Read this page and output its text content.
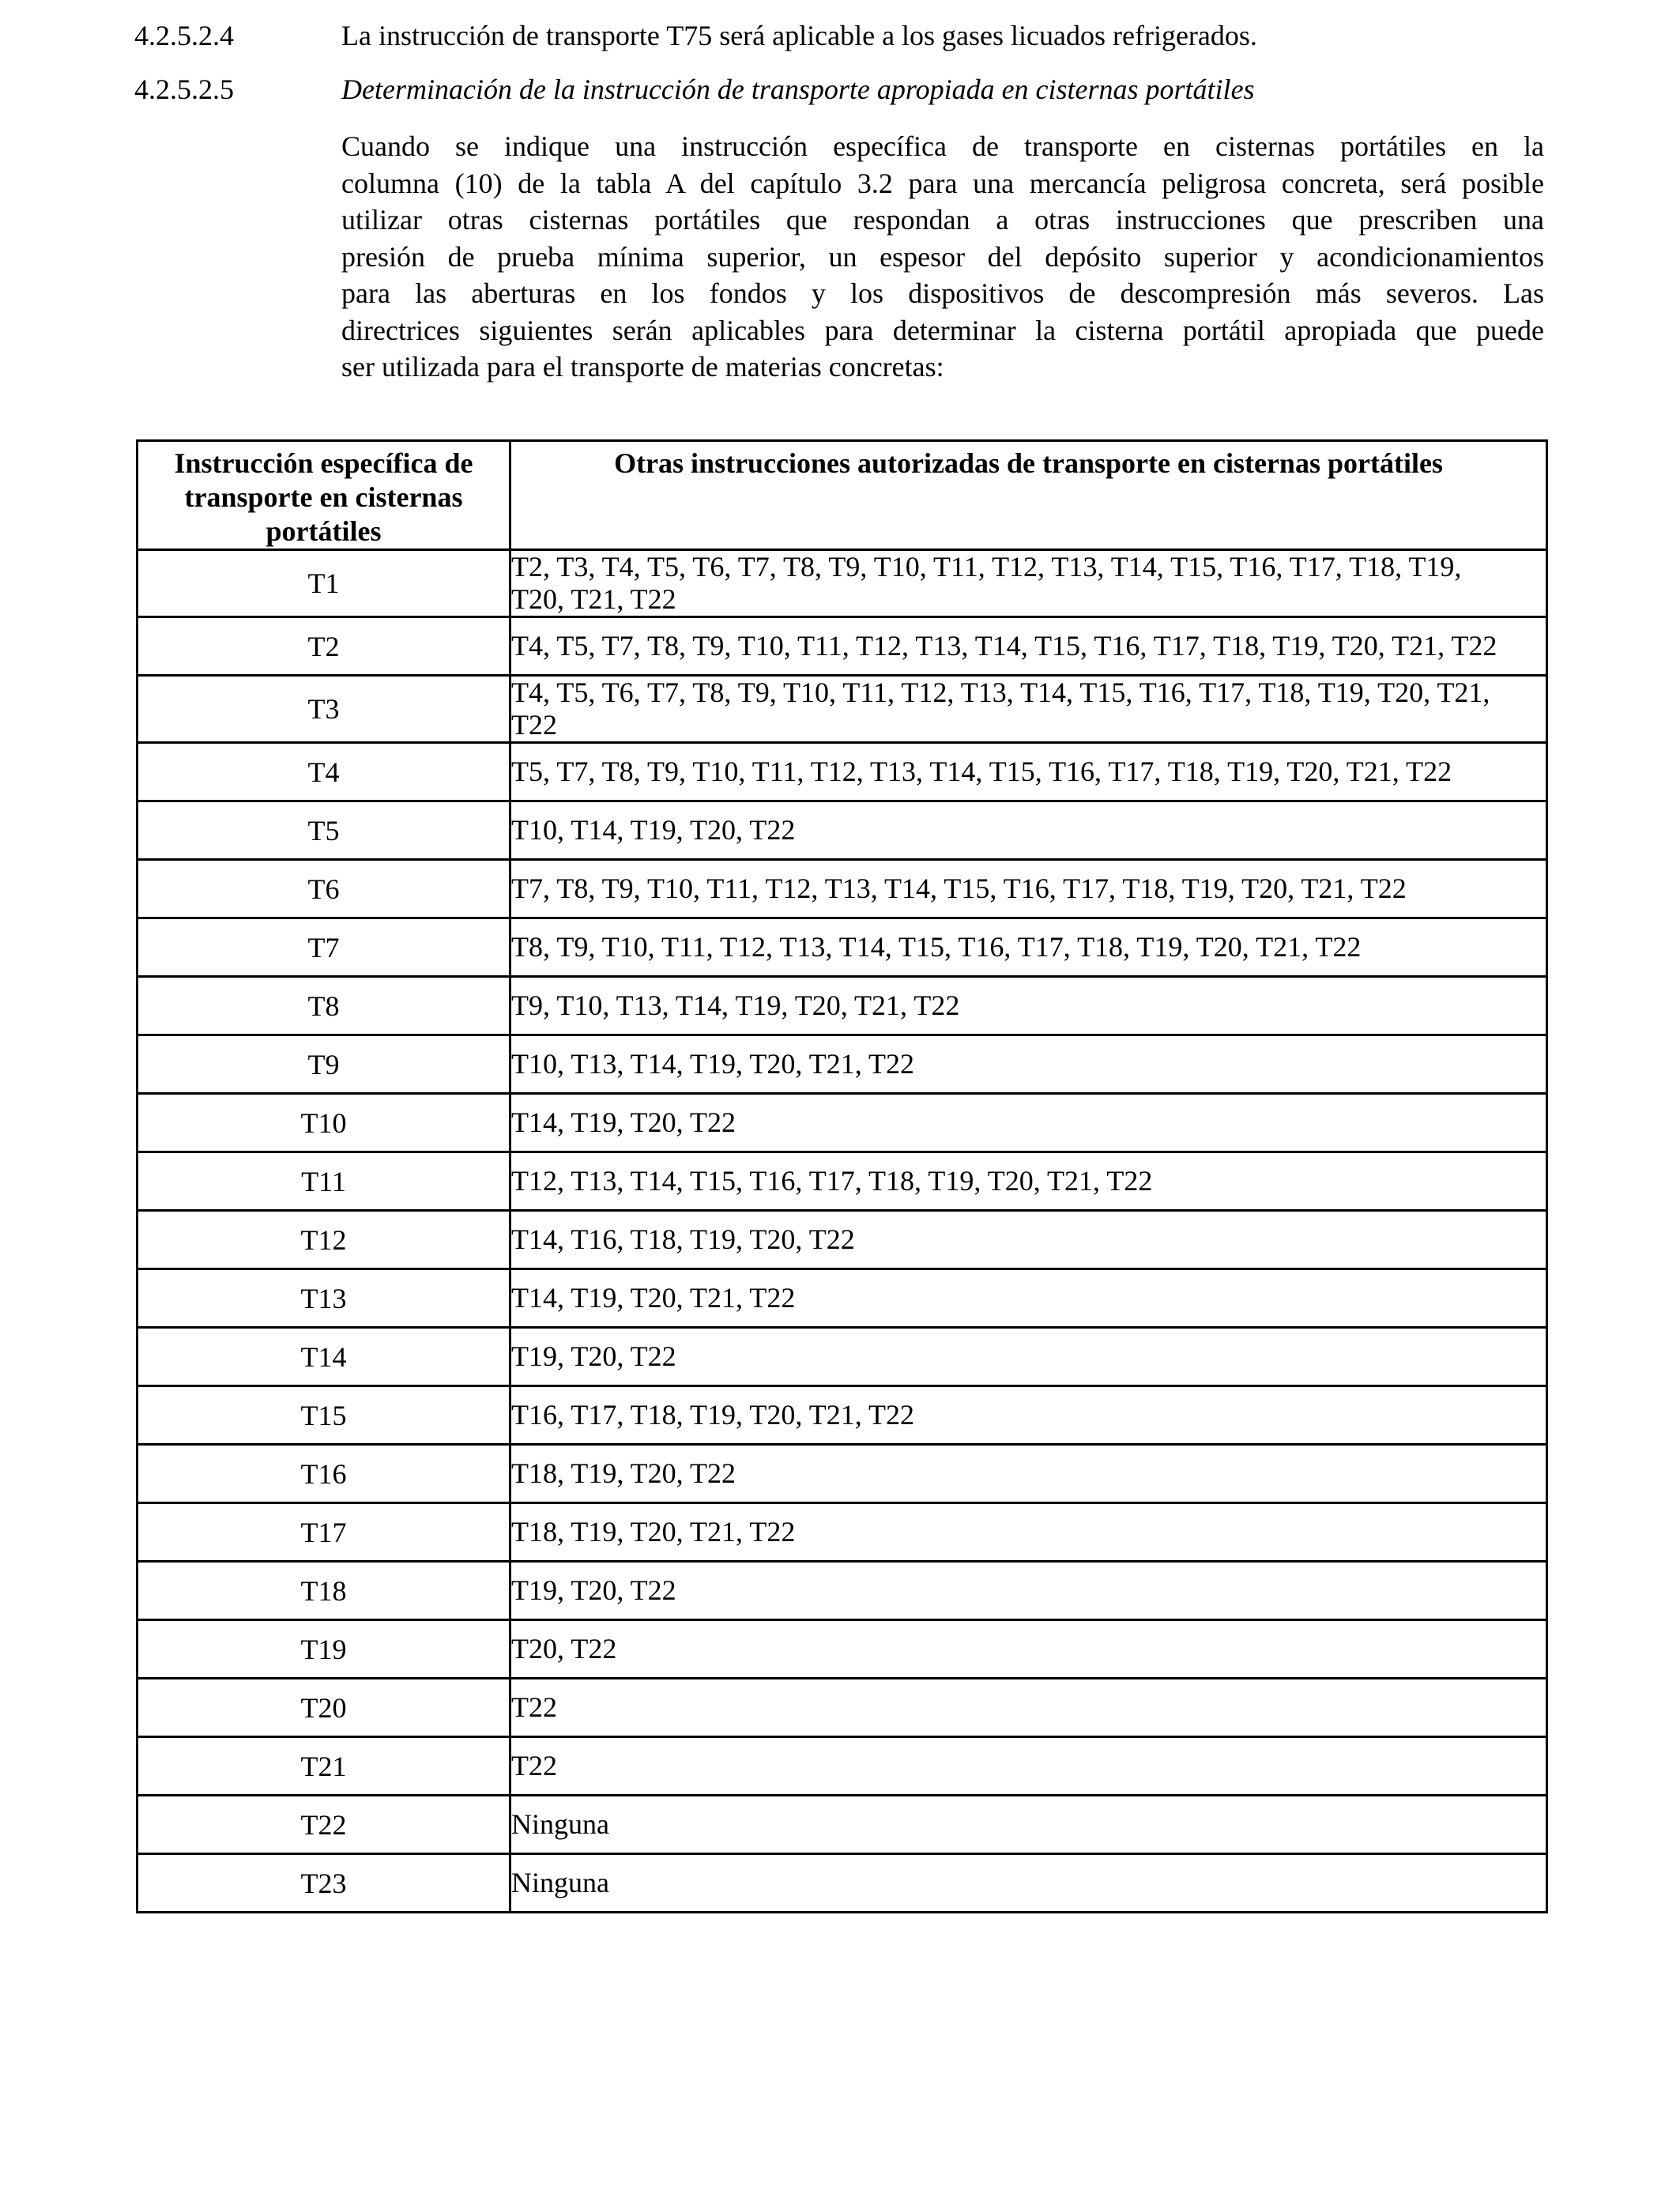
4.2.5.2.4	La instrucción de transporte T75 será aplicable a los gases licuados refrigerados.
4.2.5.2.5	Determinación de la instrucción de transporte apropiada en cisternas portátiles
Cuando se indique una instrucción específica de transporte en cisternas portátiles en la
columna (10) de la tabla A del capítulo 3.2 para una mercancía peligrosa concreta, será posible
utilizar otras cisternas portátiles que respondan a otras instrucciones que prescriben una
presión de prueba mínima superior, un espesor del depósito superior y acondicionamientos
para las aberturas en los fondos y los dispositivos de descompresión más severos. Las
directrices siguientes serán aplicables para determinar la cisterna portátil apropiada que puede
ser utilizada para el transporte de materias concretas:
Instrucción específica de transporte en cisternas portátiles	Otras instrucciones autorizadas de transporte en cisternas portátiles
T1	T2, T3, T4, T5, T6, T7, T8, T9, T10, T11, T12, T13, T14, T15, T16, T17, T18, T19,
T20, T21, T22
T2	T4, T5, T7, T8, T9, T10, T11, T12, T13, T14, T15, T16, T17, T18, T19, T20, T21, T22
T3	T4, T5, T6, T7, T8, T9, T10, T11, T12, T13, T14, T15, T16, T17, T18, T19, T20, T21,
T22
T4	T5, T7, T8, T9, T10, T11, T12, T13, T14, T15, T16, T17, T18, T19, T20, T21, T22
T5	T10, T14, T19, T20, T22
T6	T7, T8, T9, T10, T11, T12, T13, T14, T15, T16, T17, T18, T19, T20, T21, T22
T7	T8, T9, T10, T11, T12, T13, T14, T15, T16, T17, T18, T19, T20, T21, T22
T8	T9, T10, T13, T14, T19, T20, T21, T22
T9	T10, T13, T14, T19, T20, T21, T22
T10	T14, T19, T20, T22
T11	T12, T13, T14, T15, T16, T17, T18, T19, T20, T21, T22
T12	T14, T16, T18, T19, T20, T22
T13	T14, T19, T20, T21, T22
T14	T19, T20, T22
T15	T16, T17, T18, T19, T20, T21, T22
T16	T18, T19, T20, T22
T17	T18, T19, T20, T21, T22
T18	T19, T20, T22
T19	T20, T22
T20	T22
T21	T22
T22	Ninguna
T23	Ninguna
